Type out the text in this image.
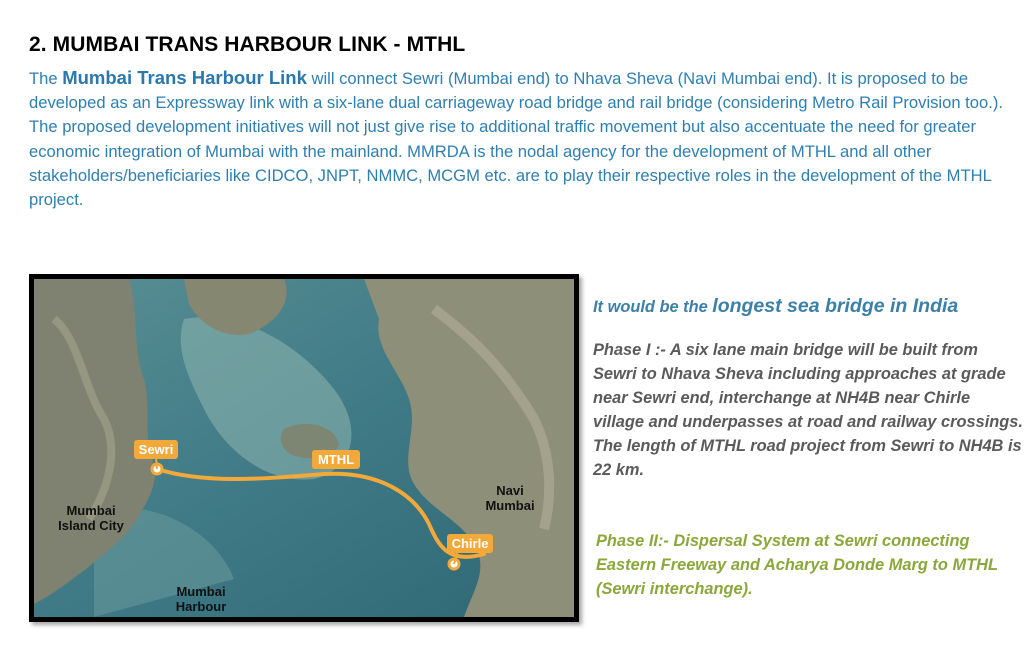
2. MUMBAI TRANS HARBOUR LINK - MTHL

The Mumbai Trans Harbour Link will connect Sewri (Mumbai end) to Nhava Sheva (Navi Mumbai end). It is proposed to be developed as an Expressway link with a six-lane dual carriageway road bridge and rail bridge (considering Metro Rail Provision too.). The proposed development initiatives will not just give rise to additional traffic movement but also accentuate the need for greater economic integration of Mumbai with the mainland. MMRDA is the nodal agency for the development of MTHL and all other stakeholders/beneficiaries like CIDCO, JNPT, NMMC, MCGM etc. are to play their respective roles in the development of the MTHL project.

Sewri
MTHL
Chirle
Navi
Mumbai
Mumbai
Island City
Mumbai
Harbour

It would be the longest sea bridge in India

Phase I :- A six lane main bridge will be built from Sewri to Nhava Sheva including approaches at grade near Sewri end, interchange at NH4B near Chirle village and underpasses at road and railway crossings. The length of MTHL road project from Sewri to NH4B is 22 km.

Phase II:- Dispersal System at Sewri connecting Eastern Freeway and Acharya Donde Marg to MTHL (Sewri interchange).
